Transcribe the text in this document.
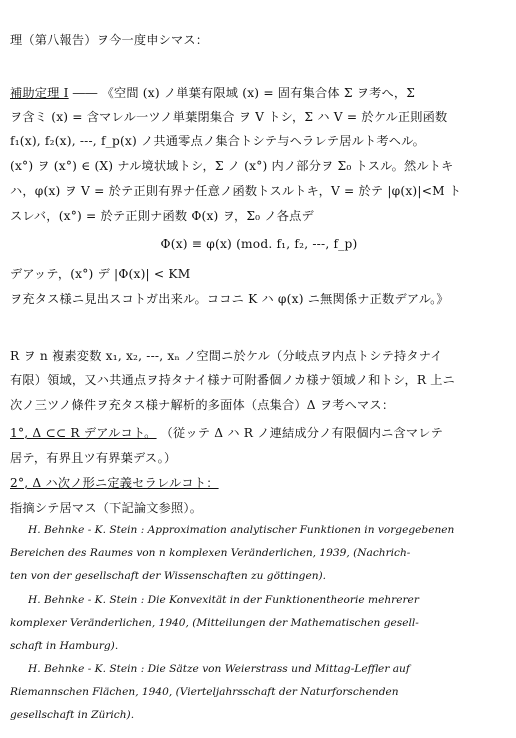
理（第八報告）ヲ今一度申シマス：
補助定理 I ―― 《空間 (x) ノ単葉有限域 (x) = 固有集合体 Σ ヲ考へ，Σ
ヲ含ミ (x) = 含マレル一ツノ単葉閉集合 ヲ V トシ，Σ ハ V = 於ケル正則函数
f₁(x), f₂(x), ---, f_p(x) ノ共通零点ノ集合トシテ与ヘラレテ居ルト考ヘル。
(x°) ヲ (x°) ∈ (X) ナル境状域トシ，Σ ノ (x°) 内ノ部分ヲ Σ₀ トスル。然ルトキ
ハ，φ(x) ヲ V = 於テ正則有界ナ任意ノ函数トスルトキ，V = 於テ |φ(x)|<M ト
スレバ，(x°) = 於テ正則ナ函数 Φ(x) ヲ，Σ₀ ノ各点デ
Φ(x) ≡ φ(x) (mod. f₁, f₂, ---, f_p)
デアッテ，(x°) デ |Φ(x)| < KM
ヲ充タス様ニ見出スコトガ出来ル。ココニ K ハ φ(x) ニ無関係ナ正数デアル。》
R ヲ n 複素変数 x₁, x₂, ---, xₙ ノ空間ニ於ケル（分岐点ヲ内点トシテ持タナイ
有限）領域，又ハ共通点ヲ持タナイ様ナ可附番個ノカ様ナ領域ノ和トシ，R 上ニ
次ノ三ツノ條件ヲ充タス様ナ解析的多面体（点集合）Δ ヲ考ヘマス：
1°, Δ ⊂⊂ R デアルコト。 （従ッテ Δ ハ R ノ連結成分ノ有限個内ニ含マレテ
居テ，有界且ツ有界葉デス。）
2°, Δ ハ次ノ形ニ定義セラレルコト：
指摘シテ居マス（下記論文参照）。
H. Behnke - K. Stein : Approximation analytischer Funktionen in vorgegebenen
Bereichen des Raumes von n komplexen Veränderlichen, 1939, (Nachrich-
ten von der gesellschaft der Wissenschaften zu göttingen).
H. Behnke - K. Stein : Die Konvexität in der Funktionentheorie mehrerer
komplexer Veränderlichen, 1940, (Mitteilungen der Mathematischen gesell-
schaft in Hamburg).
H. Behnke - K. Stein : Die Sätze von Weierstrass und Mittag-Leffler auf
Riemannschen Flächen, 1940, (Vierteljahrsschaft der Naturforschenden
gesellschaft in Zürich).
